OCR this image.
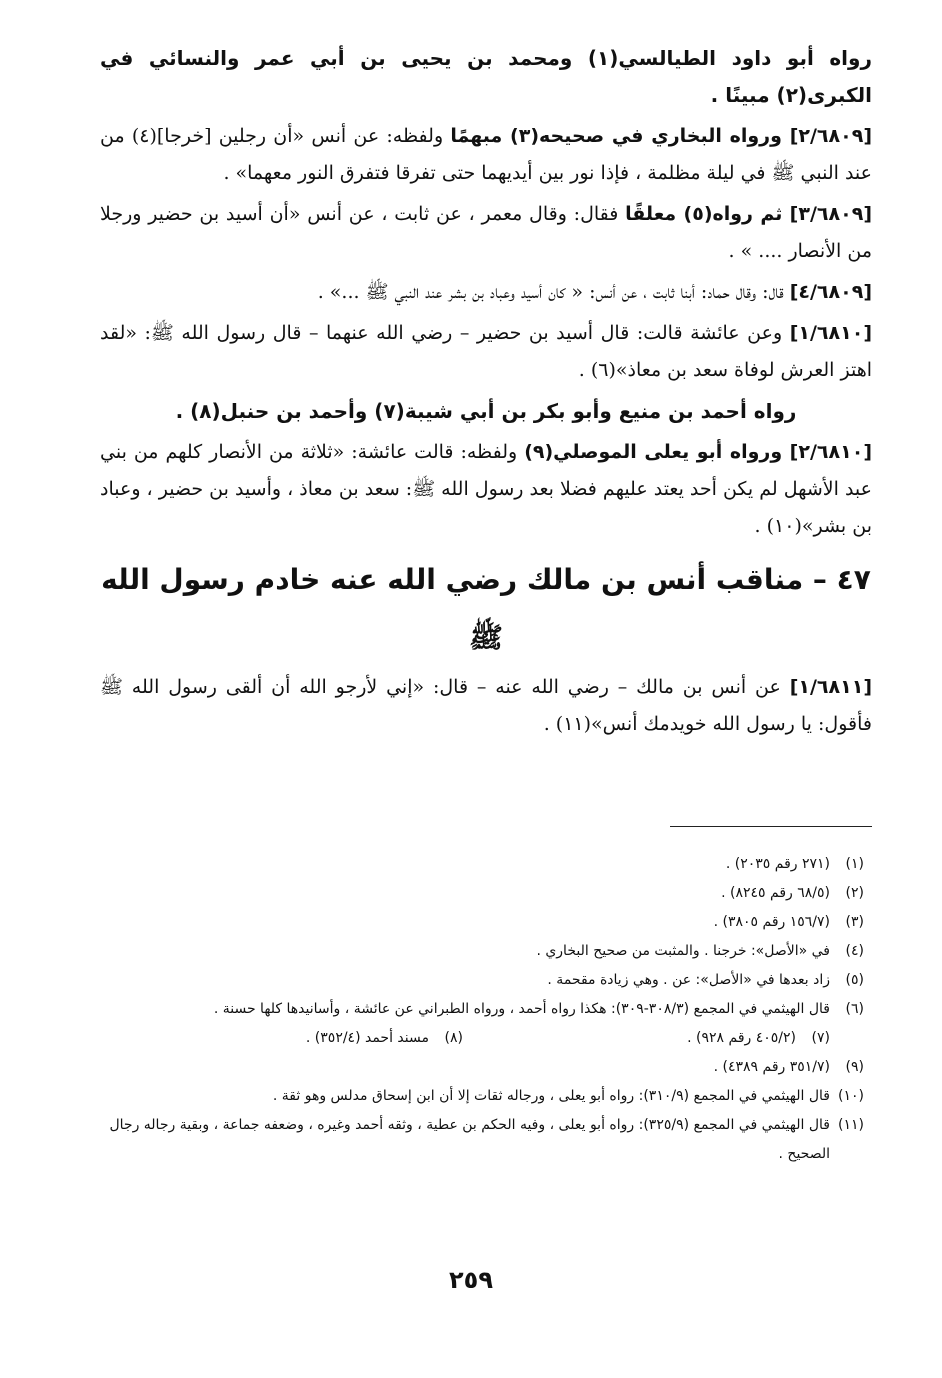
رواه أبو داود الطيالسي(١) ومحمد بن يحيى بن أبي عمر والنسائي في الكبرى(٢) مبينًا .

[٢/٦٨٠٩] ورواه البخاري في صحيحه(٣) مبهمًا ولفظه: عن أنس «أن رجلين [خرجا](٤) من عند النبي ﷺ في ليلة مظلمة ، فإذا نور بين أيديهما حتى تفرقا فتفرق النور معهما» .

[٣/٦٨٠٩] ثم رواه(٥) معلقًا فقال: وقال معمر ، عن ثابت ، عن أنس «أن أسيد بن حضير ورجلا من الأنصار .... » .

[٤/٦٨٠٩] قال: وقال حماد: أبنا ثابت ، عن أنس: « كان أسيد وعباد بن بشر عند النبي ﷺ ...» .

[١/٦٨١٠] وعن عائشة قالت: قال أسيد بن حضير – رضي الله عنهما – قال رسول الله ﷺ: «لقد اهتز العرش لوفاة سعد بن معاذ»(٦) .

رواه أحمد بن منيع وأبو بكر بن أبي شيبة(٧) وأحمد بن حنبل(٨) .

[٢/٦٨١٠] ورواه أبو يعلى الموصلي(٩) ولفظه: قالت عائشة: «ثلاثة من الأنصار كلهم من بني عبد الأشهل لم يكن أحد يعتد عليهم فضلا بعد رسول الله ﷺ: سعد بن معاذ ، وأسيد بن حضير ، وعباد بن بشر»(١٠) .

٤٧ – مناقب أنس بن مالك رضي الله عنه خادم رسول الله ﷺ

[١/٦٨١١] عن أنس بن مالك – رضي الله عنه – قال: «إني لأرجو الله أن ألقى رسول الله ﷺ فأقول: يا رسول الله خويدمك أنس»(١١) .

(١)
(٢٧١ رقم ٢٠٣٥) .
(٢)
(٦٨/٥ رقم ٨٢٤٥) .
(٣)
(١٥٦/٧ رقم ٣٨٠٥) .
(٤)
في «الأصل»: خرجنا . والمثبت من صحيح البخاري .
(٥)
زاد بعدها في «الأصل»: عن . وهي زيادة مقحمة .
(٦)
قال الهيثمي في المجمع (٣٠٨/٣-٣٠٩): هكذا رواه أحمد ، ورواه الطبراني عن عائشة ، وأسانيدها كلها حسنة .
(٧)
(٤٠٥/٢ رقم ٩٢٨) .
(٨)
مسند أحمد (٣٥٢/٤) .
(٩)
(٣٥١/٧ رقم ٤٣٨٩) .
(١٠)
قال الهيثمي في المجمع (٣١٠/٩): رواه أبو يعلى ، ورجاله ثقات إلا أن ابن إسحاق مدلس وهو ثقة .
(١١)
قال الهيثمي في المجمع (٣٢٥/٩): رواه أبو يعلى ، وفيه الحكم بن عطية ، وثقه أحمد وغيره ، وضعفه جماعة ، وبقية رجاله رجال الصحيح .
٢٥٩
